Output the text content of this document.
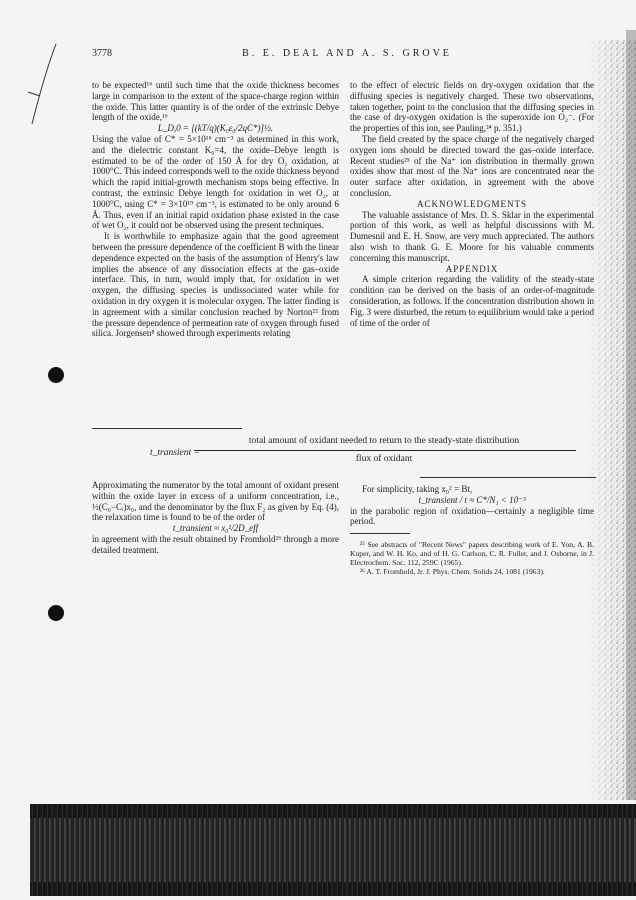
3778	B. E. DEAL AND A. S. GROVE

to be expected¹⁶ until such time that the oxide thickness becomes large in comparison to the extent of the space-charge region within the oxide. This latter quantity is of the order of the extrinsic Debye length of the oxide,¹⁶

L_D,0 = [(kT/q)(K₀ε₀/2qC*)]½.

Using the value of C* = 5×10¹⁶ cm⁻³ as determined in this work, and the dielectric constant K₀=4, the oxide–Debye length is estimated to be of the order of 150 Å for dry O₂ oxidation, at 1000°C. This indeed corresponds well to the oxide thickness beyond which the rapid initial-growth mechanism stops being effective. In contrast, the extrinsic Debye length for oxidation in wet O₂, at 1000°C, using C* = 3×10¹⁹ cm⁻³, is estimated to be only around 6 Å. Thus, even if an initial rapid oxidation phase existed in the case of wet O₂, it could not be observed using the present techniques.

It is worthwhile to emphasize again that the good agreement between the pressure dependence of the coefficient B with the linear dependence expected on the basis of the assumption of Henry's law implies the absence of any dissociation effects at the gas–oxide interface. This, in turn, would imply that, for oxidation in wet oxygen, the diffusing species is undissociated water while for oxidation in dry oxygen it is molecular oxygen. The latter finding is in agreement with a similar conclusion reached by Norton²² from the pressure dependence of permeation rate of oxygen through fused silica. Jorgensen⁸ showed through experiments relating

to the effect of electric fields on dry-oxygen oxidation that the diffusing species is negatively charged. These two observations, taken together, point to the conclusion that the diffusing species in the case of dry-oxygen oxidation is the superoxide ion O₂⁻. (For the properties of this ion, see Pauling,²⁴ p. 351.)

The field created by the space charge of the negatively charged oxygen ions should be directed toward the gas–oxide interface. Recent studies²⁵ of the Na⁺ ion distribution in thermally grown oxides show that most of the Na⁺ ions are concentrated near the outer surface after oxidation, in agreement with the above conclusion.

ACKNOWLEDGMENTS

The valuable assistance of Mrs. D. S. Sklar in the experimental portion of this work, as well as helpful discussions with M. Dumesnil and E. H. Snow, are very much appreciated. The authors also wish to thank G. E. Moore for his valuable comments concerning this manuscript.

APPENDIX

A simple criterion regarding the validity of the steady-state condition can be derived on the basis of an order-of-magnitude consideration, as follows. If the concentration distribution shown in Fig. 3 were disturbed, the return to equilibrium would take a period of time of the order of

t_transient =
total amount of oxidant needed to return to the steady-state distribution
flux of oxidant

Approximating the numerator by the total amount of oxidant present within the oxide layer in excess of a uniform concentration, i.e., ½(C₀−Cᵢ)x₀, and the denominator by the flux F₂ as given by Eq. (4), the relaxation time is found to be of the order of

t_transient ≈ x₀²/2D_eff

in agreement with the result obtained by Fromhold²⁶ through a more detailed treatment.

For simplicity, taking x₀² = Bt,

t_transient / t ≈ C*/N₁ < 10⁻³

in the parabolic region of oxidation—certainly a negligible time period.

²⁵ See abstracts of "Recent News" papers describing work of E. Yon, A. B. Kuper, and W. H. Ko, and of H. G. Carlson, C. R. Fuller, and J. Osborne, in J. Electrochem. Soc. 112, 259C (1965).

²⁶ A. T. Fromhold, Jr. J. Phys. Chem. Solids 24, 1081 (1963).
